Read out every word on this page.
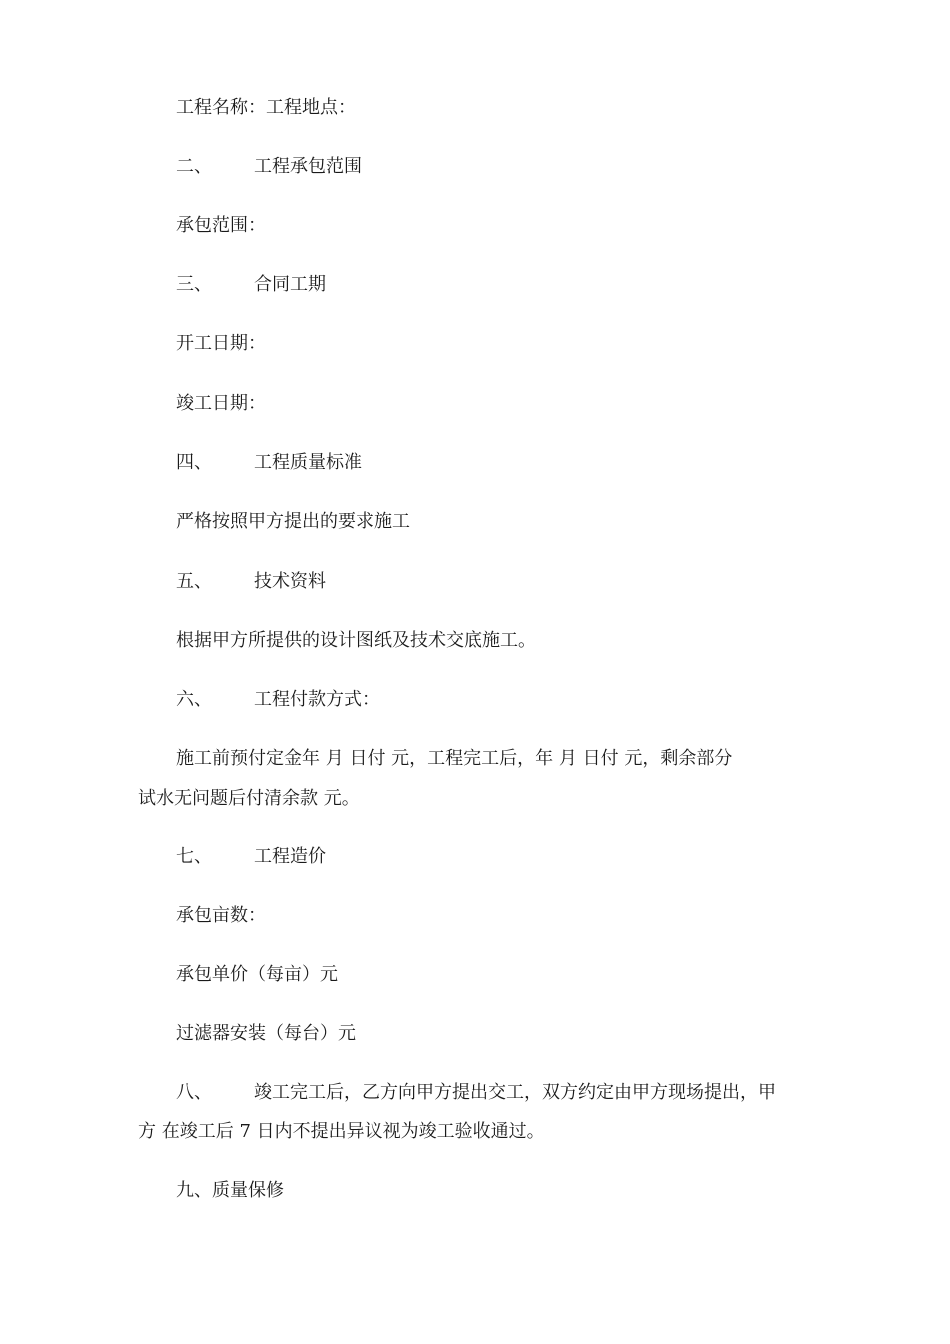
工程名称：工程地点：
二、 工程承包范围
承包范围：
三、 合同工期
开工日期：
竣工日期：
四、 工程质量标准
严格按照甲方提出的要求施工
五、 技术资料
根据甲方所提供的设计图纸及技术交底施工。
六、 工程付款方式：
施工前预付定金年 月 日付 元，工程完工后，年 月 日付 元，剩余部分
试水无问题后付清余款 元。
七、 工程造价
承包亩数：
承包单价（每亩）元
过滤器安装（每台）元
八、 竣工完工后，乙方向甲方提出交工，双方约定由甲方现场提出，甲
方 在竣工后 7 日内不提出异议视为竣工验收通过。
九、质量保修
